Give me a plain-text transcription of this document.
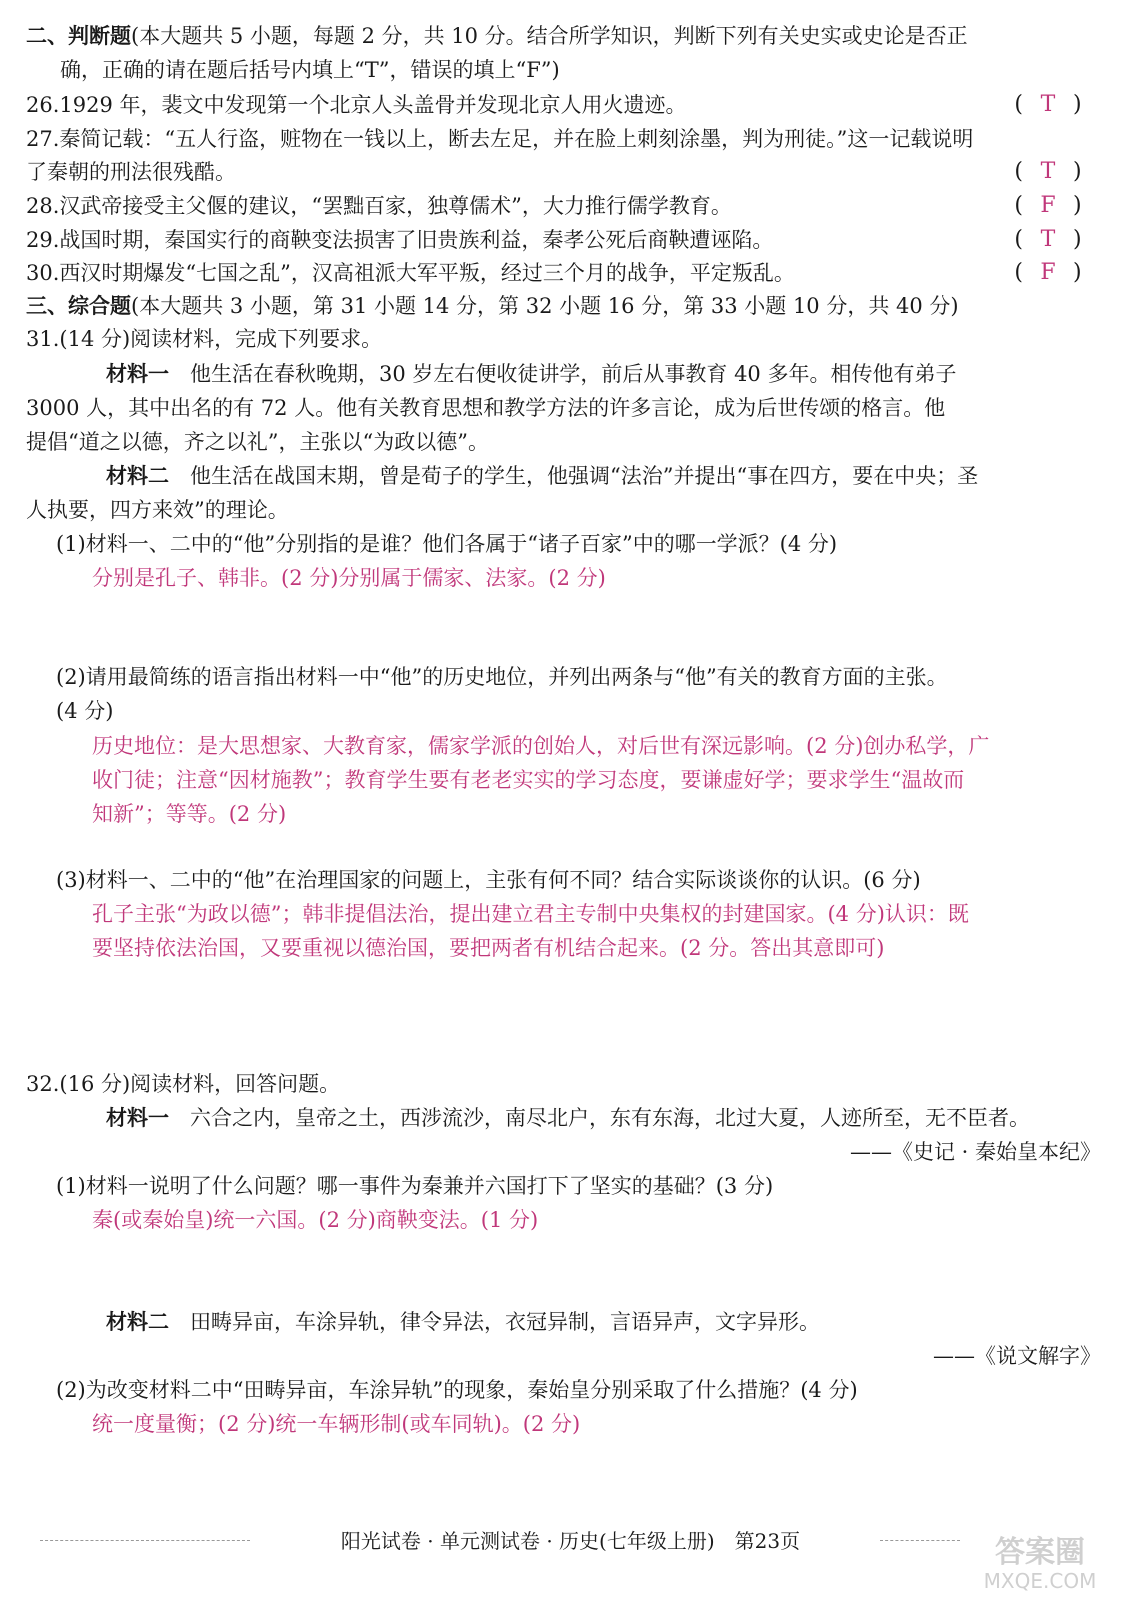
二、判断题(本大题共 5 小题，每题 2 分，共 10 分。结合所学知识，判断下列有关史实或史论是否正
确，正确的请在题后括号内填上“T”，错误的填上“F”)
26.1929 年，裴文中发现第一个北京人头盖骨并发现北京人用火遗迹。	( T )
27.秦简记载：“五人行盗，赃物在一钱以上，断去左足，并在脸上刺刻涂墨，判为刑徒。”这一记载说明
了秦朝的刑法很残酷。	( T )
28.汉武帝接受主父偃的建议，“罢黜百家，独尊儒术”，大力推行儒学教育。	( F )
29.战国时期，秦国实行的商鞅变法损害了旧贵族利益，秦孝公死后商鞅遭诬陷。	( T )
30.西汉时期爆发“七国之乱”，汉高祖派大军平叛，经过三个月的战争，平定叛乱。	( F )
三、综合题(本大题共 3 小题，第 31 小题 14 分，第 32 小题 16 分，第 33 小题 10 分，共 40 分)
31.(14 分)阅读材料，完成下列要求。
材料一　 他生活在春秋晚期，30 岁左右便收徒讲学，前后从事教育 40 多年。相传他有弟子
3000 人，其中出名的有 72 人。他有关教育思想和教学方法的许多言论，成为后世传颂的格言。他
提倡“道之以德，齐之以礼”，主张以“为政以德”。
材料二　 他生活在战国末期，曾是荀子的学生，他强调“法治”并提出“事在四方，要在中央；圣
人执要，四方来效”的理论。
(1)材料一、二中的“他”分别指的是谁？他们各属于“诸子百家”中的哪一学派？(4 分)
分别是孔子、韩非。(2 分)分别属于儒家、法家。(2 分)
(2)请用最简练的语言指出材料一中“他”的历史地位，并列出两条与“他”有关的教育方面的主张。
(4 分)
历史地位：是大思想家、大教育家，儒家学派的创始人，对后世有深远影响。(2 分)创办私学，广
收门徒；注意“因材施教”；教育学生要有老老实实的学习态度，要谦虚好学；要求学生“温故而
知新”；等等。(2 分)
(3)材料一、二中的“他”在治理国家的问题上，主张有何不同？结合实际谈谈你的认识。(6 分)
孔子主张“为政以德”；韩非提倡法治，提出建立君主专制中央集权的封建国家。(4 分)认识：既
要坚持依法治国，又要重视以德治国，要把两者有机结合起来。(2 分。答出其意即可)
32.(16 分)阅读材料，回答问题。
材料一　 六合之内，皇帝之土，西涉流沙，南尽北户，东有东海，北过大夏，人迹所至，无不臣者。
——《史记 · 秦始皇本纪》
(1)材料一说明了什么问题？哪一事件为秦兼并六国打下了坚实的基础？(3 分)
秦(或秦始皇)统一六国。(2 分)商鞅变法。(1 分)
材料二　 田畴异亩，车涂异轨，律令异法，衣冠异制，言语异声，文字异形。
——《说文解字》
(2)为改变材料二中“田畴异亩，车涂异轨”的现象，秦始皇分别采取了什么措施？(4 分)
统一度量衡；(2 分)统一车辆形制(或车同轨)。(2 分)
阳光试卷 · 单元测试卷 · 历史(七年级上册)　第23页	答案圈
MXQE.COM
